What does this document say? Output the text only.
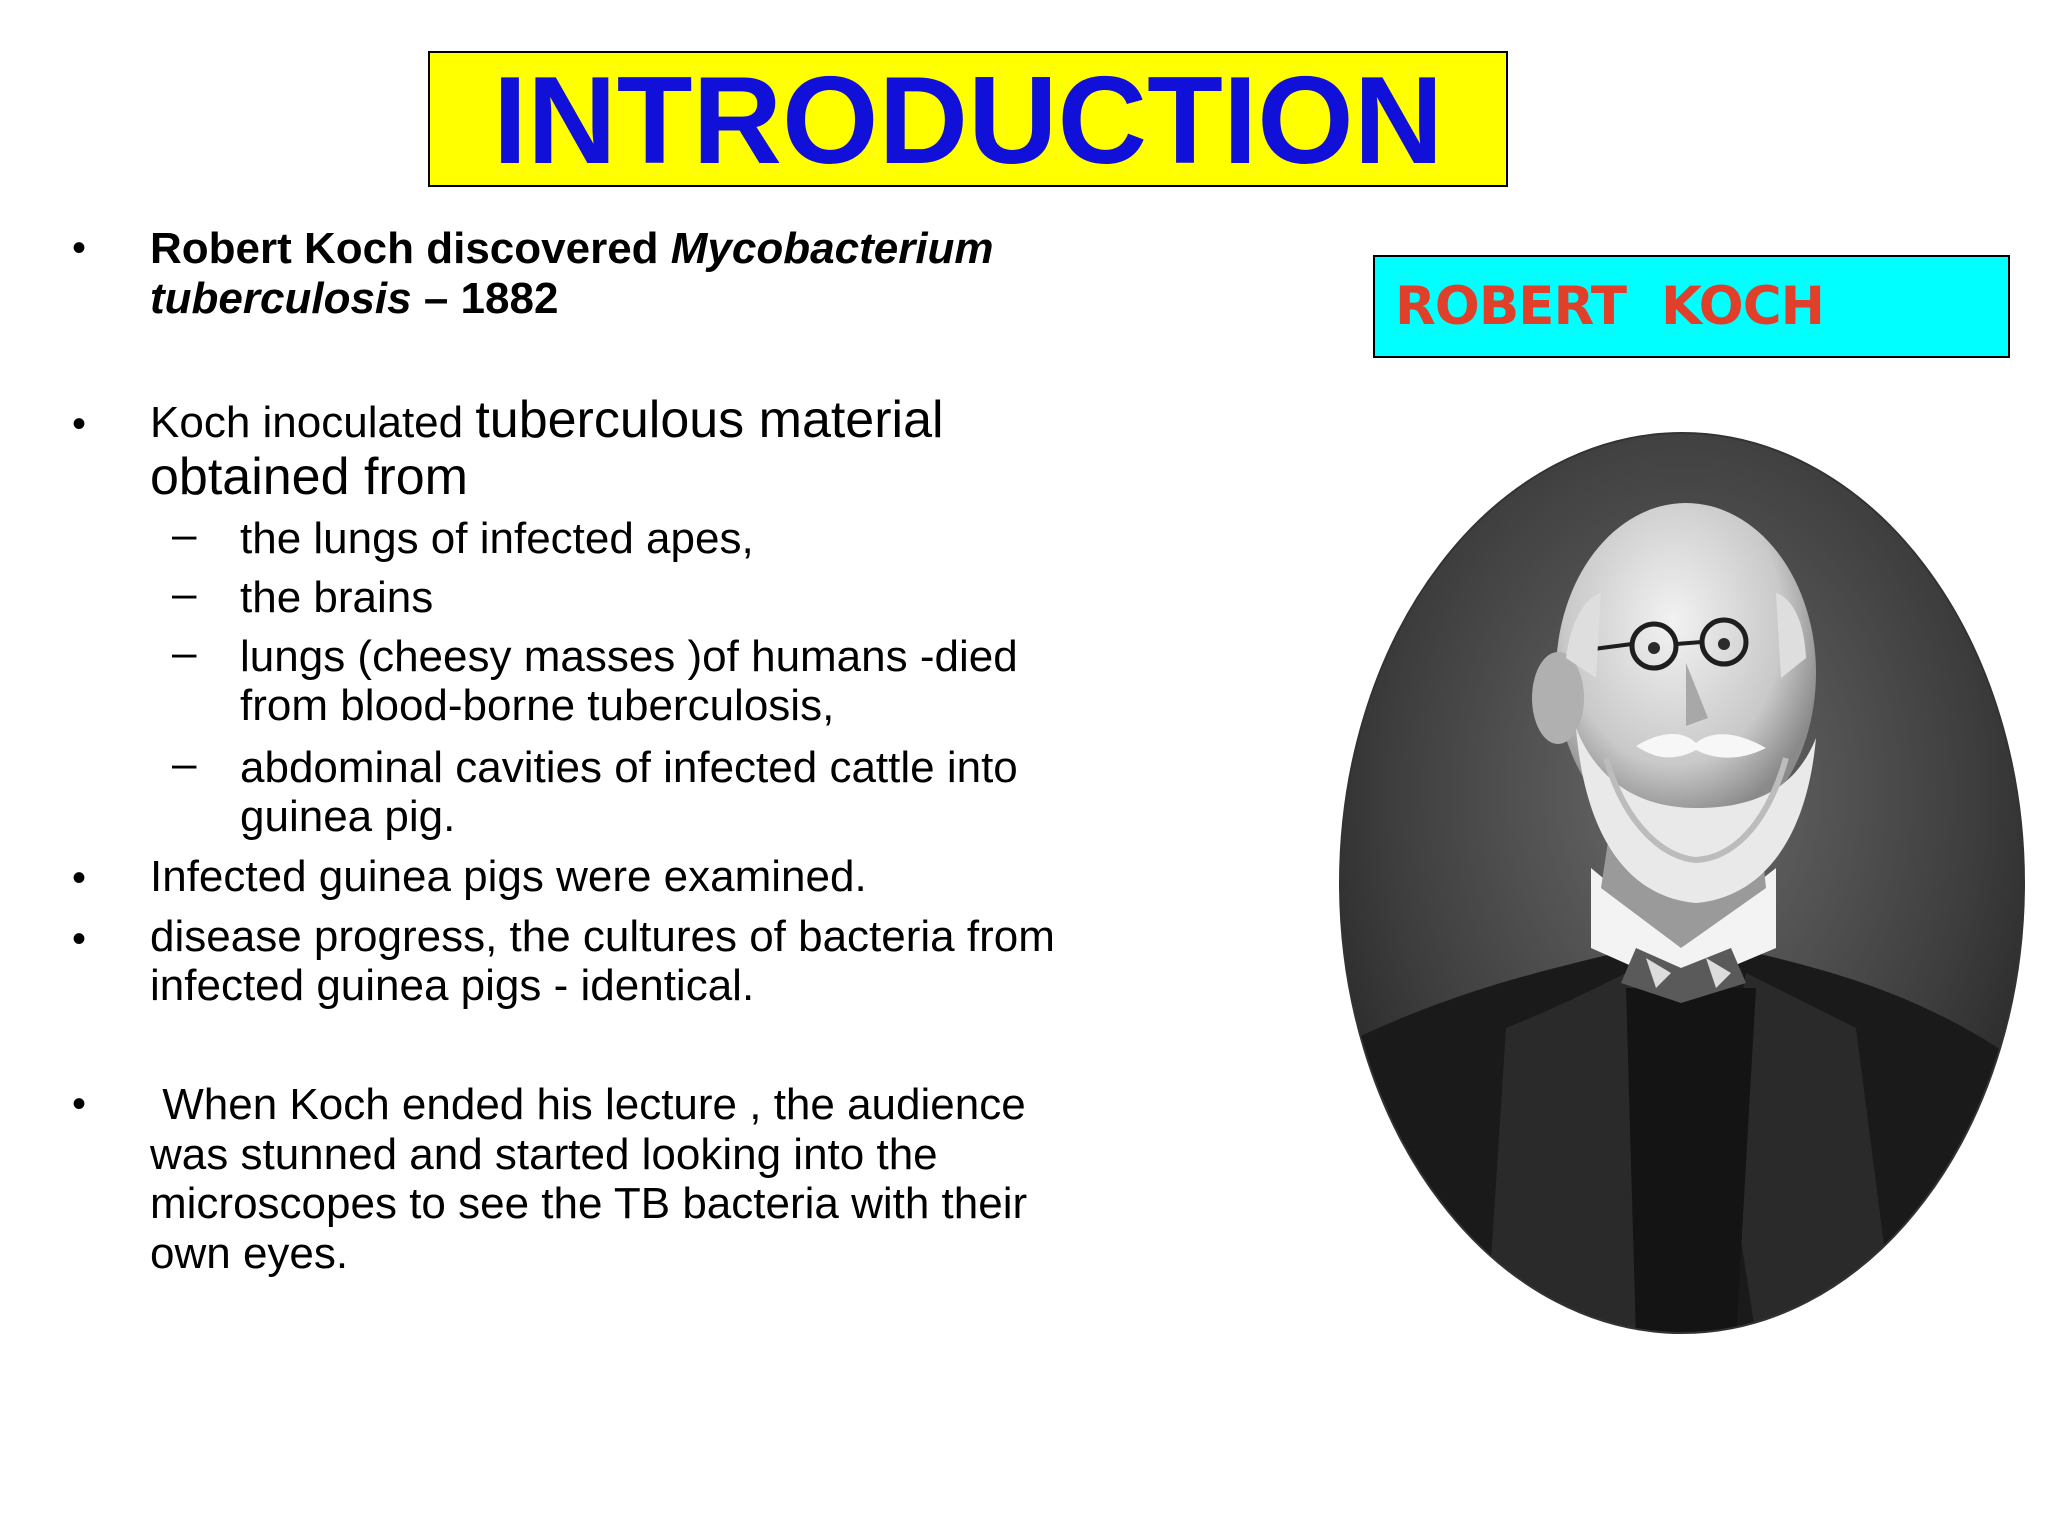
INTRODUCTION
ROBERT  KOCH
• Robert Koch discovered Mycobacterium
tuberculosis – 1882

• Koch inoculated tuberculous material
obtained from

– the lungs of infected apes,

– the brains

– lungs (cheesy masses )of humans -died
from blood-borne tuberculosis,

– abdominal cavities of infected cattle into
guinea pig.

• Infected guinea pigs were examined.

• disease progress, the cultures of bacteria from
infected guinea pigs - identical.

• When Koch ended his lecture , the audience
was stunned and started looking into the
microscopes to see the TB bacteria with their
own eyes.
